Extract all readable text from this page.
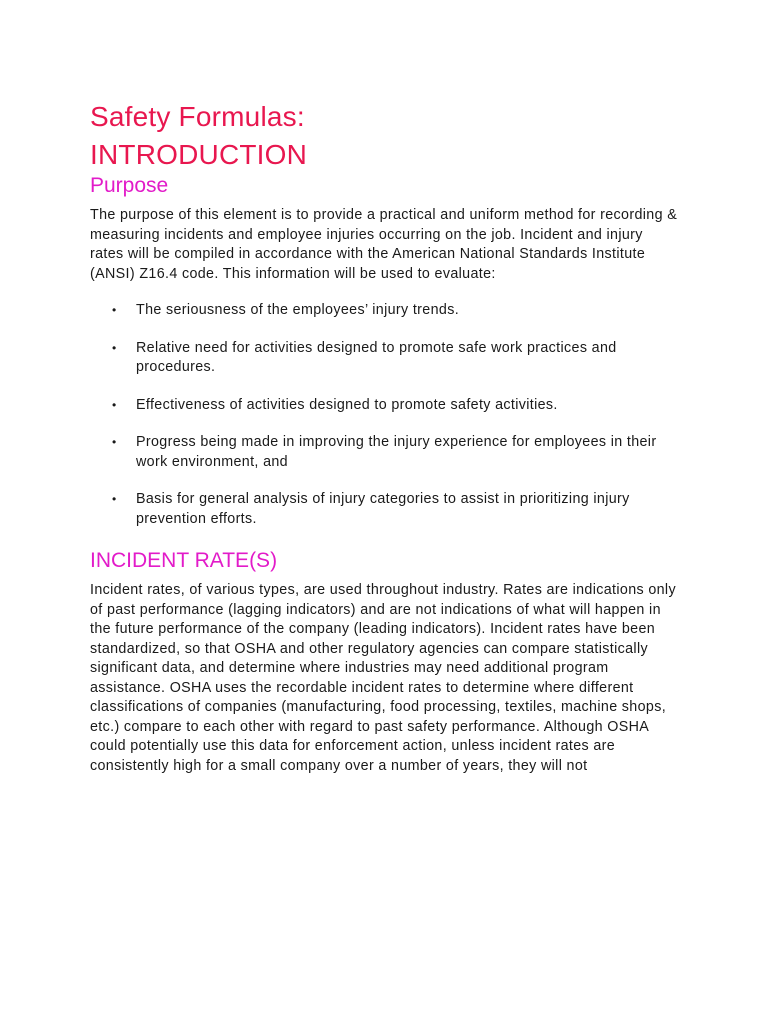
Safety Formulas:
INTRODUCTION
Purpose

The purpose of this element is to provide a practical and uniform method for recording & measuring incidents and employee injuries occurring on the job. Incident and injury rates will be compiled in accordance with the American National Standards Institute (ANSI) Z16.4 code. This information will be used to evaluate:

• The seriousness of the employees’ injury trends.
• Relative need for activities designed to promote safe work practices and procedures.
• Effectiveness of activities designed to promote safety activities.
• Progress being made in improving the injury experience for employees in their work environment, and
• Basis for general analysis of injury categories to assist in prioritizing injury prevention efforts.
INCIDENT RATE(S)

Incident rates, of various types, are used throughout industry. Rates are indications only of past performance (lagging indicators) and are not indications of what will happen in the future performance of the company (leading indicators). Incident rates have been standardized, so that OSHA and other regulatory agencies can compare statistically significant data, and determine where industries may need additional program assistance. OSHA uses the recordable incident rates to determine where different classifications of companies (manufacturing, food processing, textiles, machine shops, etc.) compare to each other with regard to past safety performance. Although OSHA could potentially use this data for enforcement action, unless incident rates are consistently high for a small company over a number of years, they will not
